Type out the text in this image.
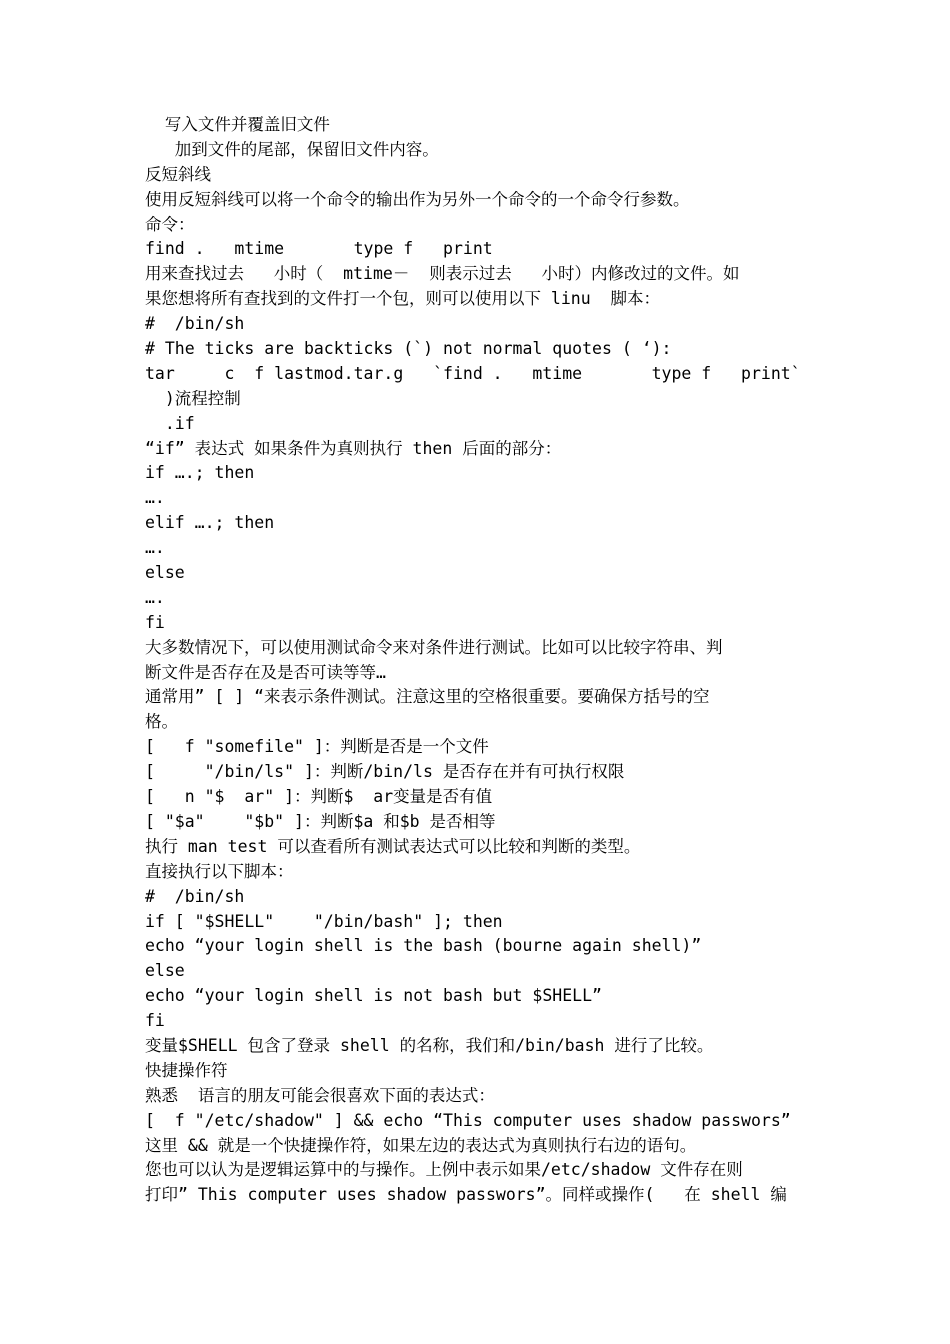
写入文件并覆盖旧文件
加到文件的尾部，保留旧文件内容。
反短斜线
使用反短斜线可以将一个命令的输出作为另外一个命令的一个命令行参数。
命令：
find .   mtime       type f   print
用来查找过去   小时（  mtime－  则表示过去   小时）内修改过的文件。如
果您想将所有查找到的文件打一个包，则可以使用以下 linu  脚本：
#  /bin/sh
# The ticks are backticks (`) not normal quotes ( ‘):
tar     c  f lastmod.tar.g   `find .   mtime       type f   print`
)流程控制
.if
“if” 表达式 如果条件为真则执行 then 后面的部分：
if ….; then
….
elif ….; then
….
else
….
fi
大多数情况下，可以使用测试命令来对条件进行测试。比如可以比较字符串、判
断文件是否存在及是否可读等等…
通常用” [ ] “来表示条件测试。注意这里的空格很重要。要确保方括号的空
格。
[   f "somefile" ]：判断是否是一个文件
[     "/bin/ls" ]：判断/bin/ls 是否存在并有可执行权限
[   n "$  ar" ]：判断$  ar变量是否有值
[ "$a"    "$b" ]：判断$a 和$b 是否相等
执行 man test 可以查看所有测试表达式可以比较和判断的类型。
直接执行以下脚本：
#  /bin/sh
if [ "$SHELL"    "/bin/bash" ]; then
echo “your login shell is the bash (bourne again shell)”
else
echo “your login shell is not bash but $SHELL”
fi
变量$SHELL 包含了登录 shell 的名称，我们和/bin/bash 进行了比较。
快捷操作符
熟悉  语言的朋友可能会很喜欢下面的表达式：
[  f "/etc/shadow" ] && echo “This computer uses shadow passwors”
这里 && 就是一个快捷操作符，如果左边的表达式为真则执行右边的语句。
您也可以认为是逻辑运算中的与操作。上例中表示如果/etc/shadow 文件存在则
打印” This computer uses shadow passwors”。同样或操作(   在 shell 编
